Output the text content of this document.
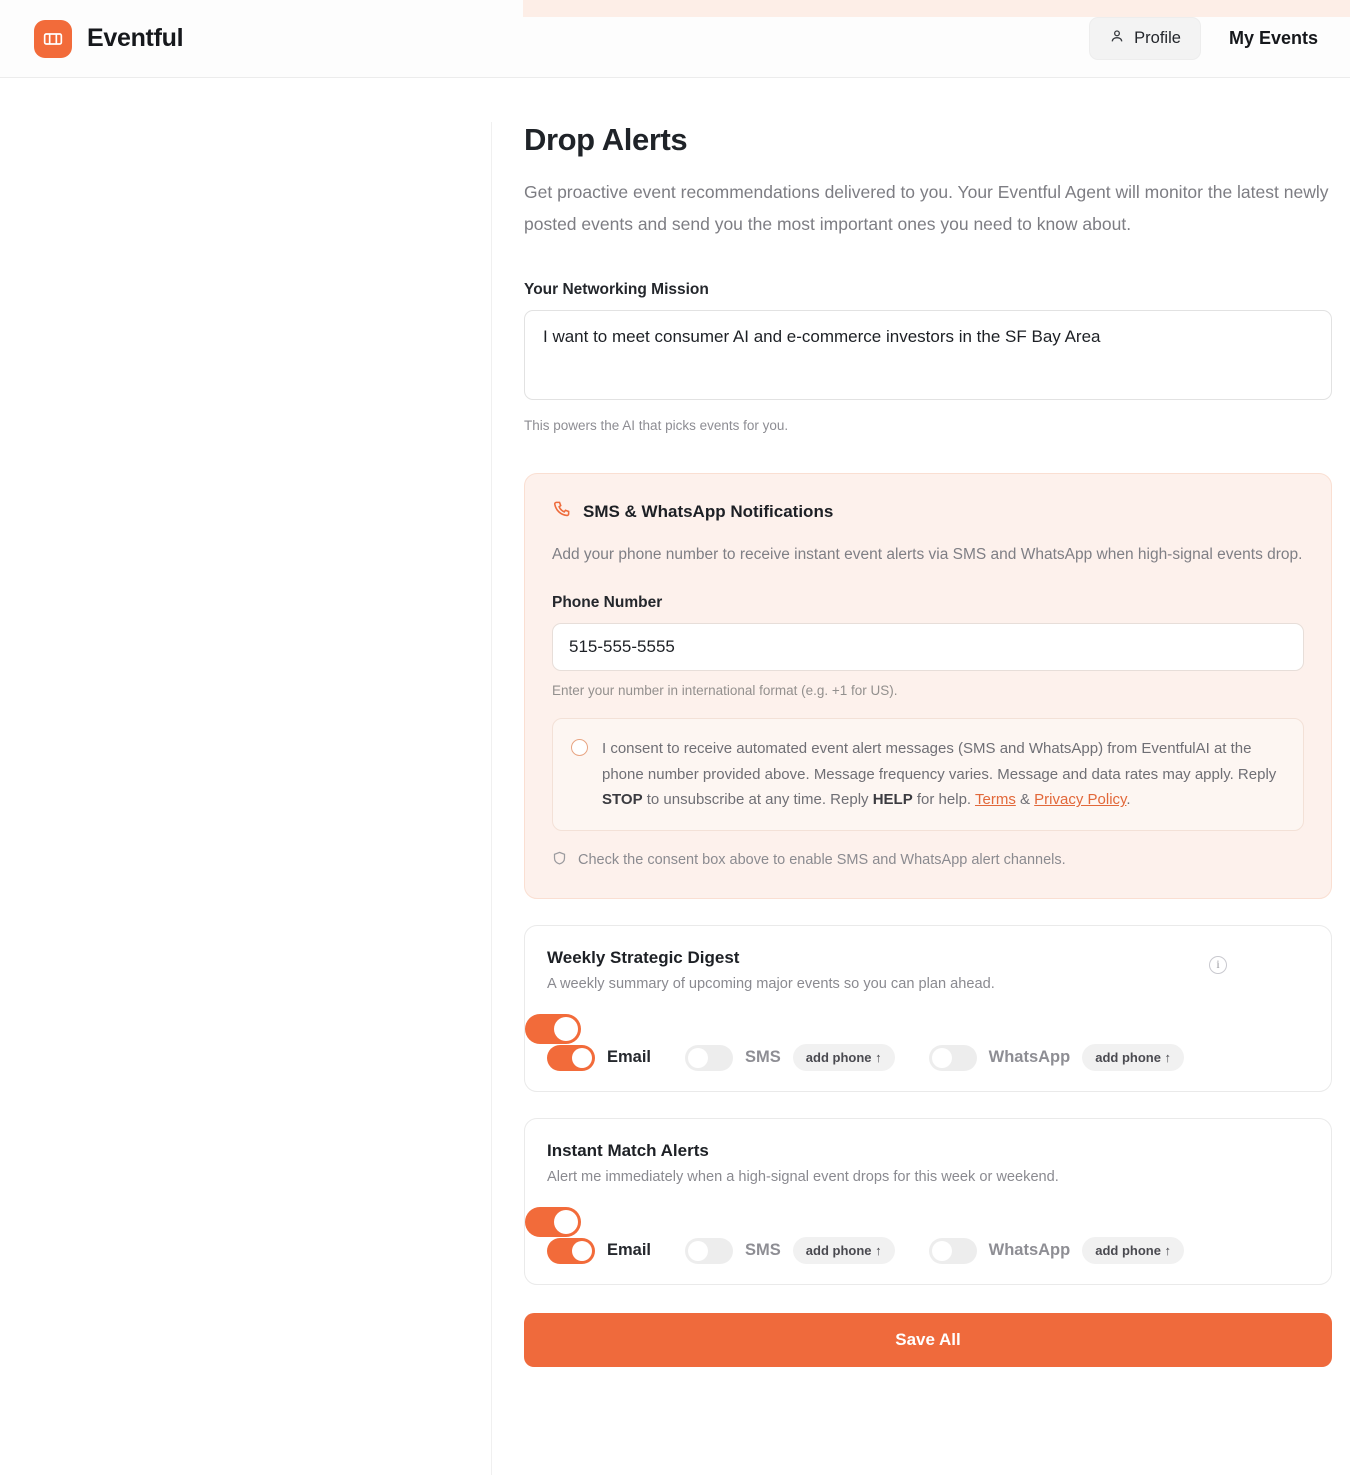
Eventful	Profile	My Events
Drop Alerts

Get proactive event recommendations delivered to you. Your Eventful Agent will monitor the latest newly posted events and send you the most important ones you need to know about.

Your Networking Mission
I want to meet consumer AI and e-commerce investors in the SF Bay Area
This powers the AI that picks events for you.
SMS & WhatsApp Notifications

Add your phone number to receive instant event alerts via SMS and WhatsApp when high-signal events drop.

Phone Number
515-555-5555
Enter your number in international format (e.g. +1 for US).
I consent to receive automated event alert messages (SMS and WhatsApp) from EventfulAI at the phone number provided above. Message frequency varies. Message and data rates may apply. Reply STOP to unsubscribe at any time. Reply HELP for help. Terms & Privacy Policy.
Check the consent box above to enable SMS and WhatsApp alert channels.
Weekly Strategic Digest
A weekly summary of upcoming major events so you can plan ahead.
i
Email	SMS	add phone ↑	WhatsApp	add phone ↑
Instant Match Alerts
Alert me immediately when a high-signal event drops for this week or weekend.
Email	SMS	add phone ↑	WhatsApp	add phone ↑
Save All
